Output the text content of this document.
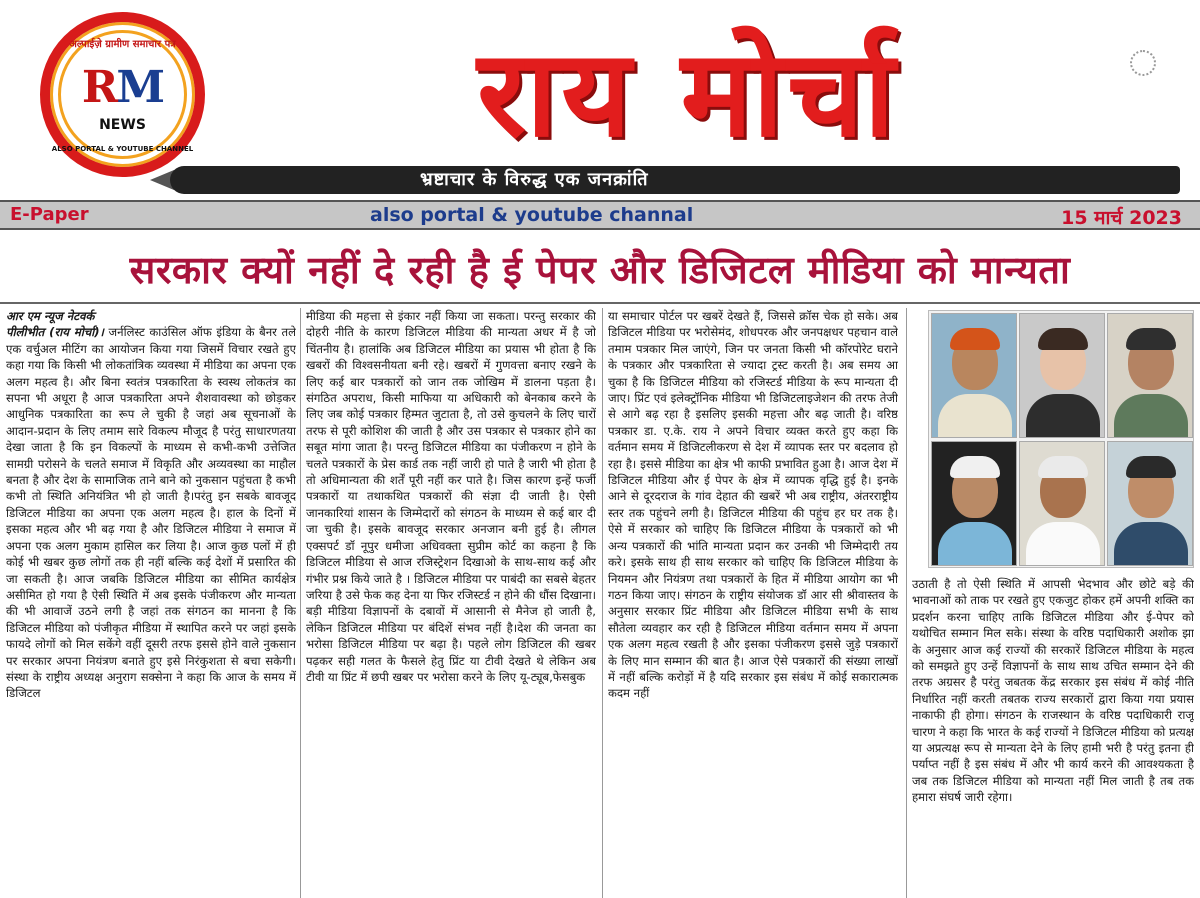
अल्पाईज़े ग्रामीण समाचार पत्र
RM
NEWS
ALSO PORTAL & YOUTUBE CHANNEL	राय मोर्चा
भ्रष्टाचार के विरुद्ध एक जनक्रांति
E-Paper	also portal & youtube channal	15 मार्च 2023
सरकार क्यों नहीं दे रही है ई पेपर और डिजिटल मीडिया को मान्यता
आर एम न्यूज नेटवर्क
पीलीभीत (राय मोर्चा)। जर्नलिस्ट काउंसिल ऑफ इंडिया के बैनर तले एक वर्चुअल मीटिंग का आयोजन किया गया जिसमें विचार रखते हुए कहा गया कि किसी भी लोकतांत्रिक व्यवस्था में मीडिया का अपना एक अलग महत्व है। और बिना स्वतंत्र पत्रकारिता के स्वस्थ लोकतंत्र का सपना भी अधूरा है आज पत्रकारिता अपने शैशवावस्था को छोड़कर आधुनिक पत्रकारिता का रूप ले चुकी है जहां अब सूचनाओं के आदान-प्रदान के लिए तमाम सारे विकल्प मौजूद है परंतु साधारणतया देखा जाता है कि इन विकल्पों के माध्यम से कभी-कभी उत्तेजित सामग्री परोसने के चलते समाज में विकृति और अव्यवस्था का माहौल बनता है और देश के सामाजिक ताने बाने को नुकसान पहुंचता है कभी कभी तो स्थिति अनियंत्रित भी हो जाती है।परंतु इन सबके बावजूद डिजिटल मीडिया का अपना एक अलग महत्व है। हाल के दिनों में इसका महत्व और भी बढ़ गया है और डिजिटल मीडिया ने समाज में अपना एक अलग मुकाम हासिल कर लिया है। आज कुछ पलों में ही कोई भी खबर कुछ लोगों तक ही नहीं बल्कि कई देशों में प्रसारित की जा सकती है। आज जबकि डिजिटल मीडिया का सीमित कार्यक्षेत्र असीमित हो गया है ऐसी स्थिति में अब इसके पंजीकरण और मान्यता की भी आवाजें उठने लगी है जहां तक संगठन का मानना है कि डिजिटल मीडिया को पंजीकृत मीडिया में स्थापित करने पर जहां इसके फायदे लोगों को मिल सकेंगे वहीं दूसरी तरफ इससे होने वाले नुकसान पर सरकार अपना नियंत्रण बनाते हुए इसे निरंकुशता से बचा सकेगी। संस्था के राष्ट्रीय अध्यक्ष अनुराग सक्सेना ने कहा कि आज के समय में डिजिटल
मीडिया की महत्ता से इंकार नहीं किया जा सकता। परन्तु सरकार की दोहरी नीति के कारण डिजिटल मीडिया की मान्यता अधर में है जो चिंतनीय है। हालांकि अब डिजिटल मीडिया का प्रयास भी होता है कि खबरों की विश्वसनीयता बनी रहे। खबरों में गुणवत्ता बनाए रखने के लिए कई बार पत्रकारों को जान तक जोखिम में डालना पड़ता है। संगठित अपराध, किसी माफिया या अधिकारी को बेनकाब करने के लिए जब कोई पत्रकार हिम्मत जुटाता है, तो उसे कुचलने के लिए चारों तरफ से पूरी कोशिश की जाती है और उस पत्रकार से पत्रकार होने का सबूत मांगा जाता है। परन्तु डिजिटल मीडिया का पंजीकरण न होने के चलते पत्रकारों के प्रेस कार्ड तक नहीं जारी हो पाते है जारी भी होता है तो अधिमान्यता की शर्तें पूरी नहीं कर पाते है। जिस कारण इन्हें फर्जी पत्रकारों या तथाकथित पत्रकारों की संज्ञा दी जाती है। ऐसी जानकारियां शासन के जिम्मेदारों को संगठन के माध्यम से कई बार दी जा चुकी है। इसके बावजूद सरकार अनजान बनी हुई है। लीगल एक्सपर्ट डॉ नूपुर धमीजा अधिवक्ता सुप्रीम कोर्ट का कहना है कि डिजिटल मीडिया से आज रजिस्ट्रेशन दिखाओ के साथ-साथ कई और गंभीर प्रश्न किये जाते है । डिजिटल मीडिया पर पाबंदी का सबसे बेहतर जरिया है उसे फेक कह देना या फिर रजिस्टर्ड न होने की धौंस दिखाना। बड़ी मीडिया विज्ञापनों के दबावों में आसानी से मैनेज हो जाती है, लेकिन डिजिटल मीडिया पर बंदिशें संभव नहीं है।देश की जनता का भरोसा डिजिटल मीडिया पर बढ़ा है। पहले लोग डिजिटल की खबर पढ़कर सही गलत के फैसले हेतु प्रिंट या टीवी देखते थे लेकिन अब टीवी या प्रिंट में छपी खबर पर भरोसा करने के लिए यू-ट्यूब,फेसबुक
या समाचार पोर्टल पर खबरें देखते हैं, जिससे क्रॉस चेक हो सके। अब डिजिटल मीडिया पर भरोसेमंद, शोधपरक और जनपक्षधर पहचान वाले तमाम पत्रकार मिल जाएंगे, जिन पर जनता किसी भी कॉरपोरेट घराने के पत्रकार और पत्रकारिता से ज्यादा ट्रस्ट करती है। अब समय आ चुका है कि डिजिटल मीडिया को रजिस्टर्ड मीडिया के रूप मान्यता दी जाए। प्रिंट एवं इलेक्ट्रॉनिक मीडिया भी डिजिटलाइजेशन की तरफ तेजी से आगे बढ़ रहा है इसलिए इसकी महत्ता और बढ़ जाती है। वरिष्ठ पत्रकार डा. ए.के. राय ने अपने विचार व्यक्त करते हुए कहा कि वर्तमान समय में डिजिटलीकरण से देश में व्यापक स्तर पर बदलाव हो रहा है। इससे मीडिया का क्षेत्र भी काफी प्रभावित हुआ है। आज देश में डिजिटल मीडिया और ई पेपर के क्षेत्र में व्यापक वृद्धि हुई है। इनके आने से दूरदराज के गांव देहात की खबरें भी अब राष्ट्रीय, अंतरराष्ट्रीय स्तर तक पहुंचने लगी है। डिजिटल मीडिया की पहुंच हर घर तक है। ऐसे में सरकार को चाहिए कि डिजिटल मीडिया के पत्रकारों को भी अन्य पत्रकारों की भांति मान्यता प्रदान कर उनकी भी जिम्मेदारी तय करे। इसके साथ ही साथ सरकार को चाहिए कि डिजिटल मीडिया के नियमन और नियंत्रण तथा पत्रकारों के हित में मीडिया आयोग का भी गठन किया जाए। संगठन के राष्ट्रीय संयोजक डॉ आर सी श्रीवास्तव के अनुसार सरकार प्रिंट मीडिया और डिजिटल मीडिया सभी के साथ सौतेला व्यवहार कर रही है डिजिटल मीडिया वर्तमान समय में अपना एक अलग महत्व रखती है और इसका पंजीकरण इससे जुड़े पत्रकारों के लिए मान सम्मान की बात है। आज ऐसे पत्रकारों की संख्या लाखों में नहीं बल्कि करोड़ों में है यदि सरकार इस संबंध में कोई सकारात्मक कदम नहीं
उठाती है तो ऐसी स्थिति में आपसी भेदभाव और छोटे बड़े की भावनाओं को ताक पर रखते हुए एकजुट होकर हमें अपनी शक्ति का प्रदर्शन करना चाहिए ताकि डिजिटल मीडिया और ई-पेपर को यथोचित सम्मान मिल सके। संस्था के वरिष्ठ पदाधिकारी अशोक झा के अनुसार आज कई राज्यों की सरकारें डिजिटल मीडिया के महत्व को समझते हुए उन्हें विज्ञापनों के साथ साथ उचित सम्मान देने की तरफ अग्रसर है परंतु जबतक केंद्र सरकार इस संबंध में कोई नीति निर्धारित नहीं करती तबतक राज्य सरकारों द्वारा किया गया प्रयास नाकाफी ही होगा। संगठन के राजस्थान के वरिष्ठ पदाधिकारी राजू चारण ने कहा कि भारत के कई राज्यों ने डिजिटल मीडिया को प्रत्यक्ष या अप्रत्यक्ष रूप से मान्यता देने के लिए हामी भरी है परंतु इतना ही पर्याप्त नहीं है इस संबंध में और भी कार्य करने की आवश्यकता है जब तक डिजिटल मीडिया को मान्यता नहीं मिल जाती है तब तक हमारा संघर्ष जारी रहेगा।
